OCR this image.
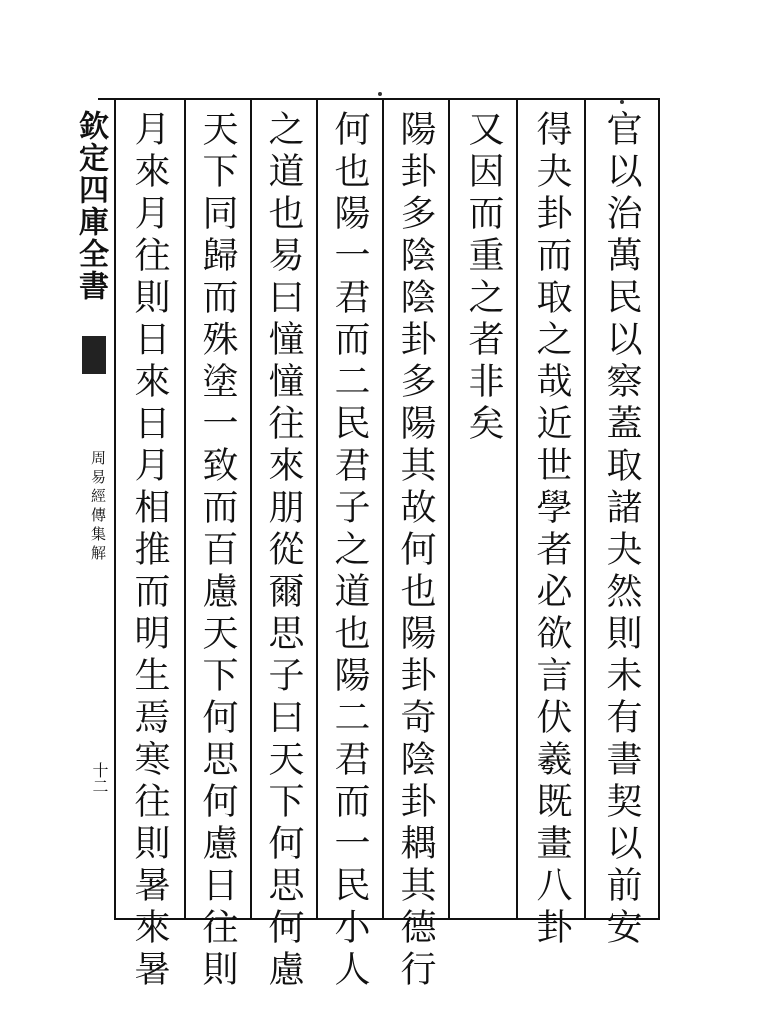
欽定四庫全書
周易經傳集解
十二	官以治萬民以察蓋取諸夬然則未有書契以前安
得夬卦而取之哉近世學者必欲言伏羲既畫八卦
又因而重之者非矣
陽卦多陰陰卦多陽其故何也陽卦奇陰卦耦其德行
何也陽一君而二民君子之道也陽二君而一民小人
之道也易曰憧憧往來朋從爾思子曰天下何思何慮
天下同歸而殊塗一致而百慮天下何思何慮日往則
月來月往則日來日月相推而明生焉寒往則暑來暑
